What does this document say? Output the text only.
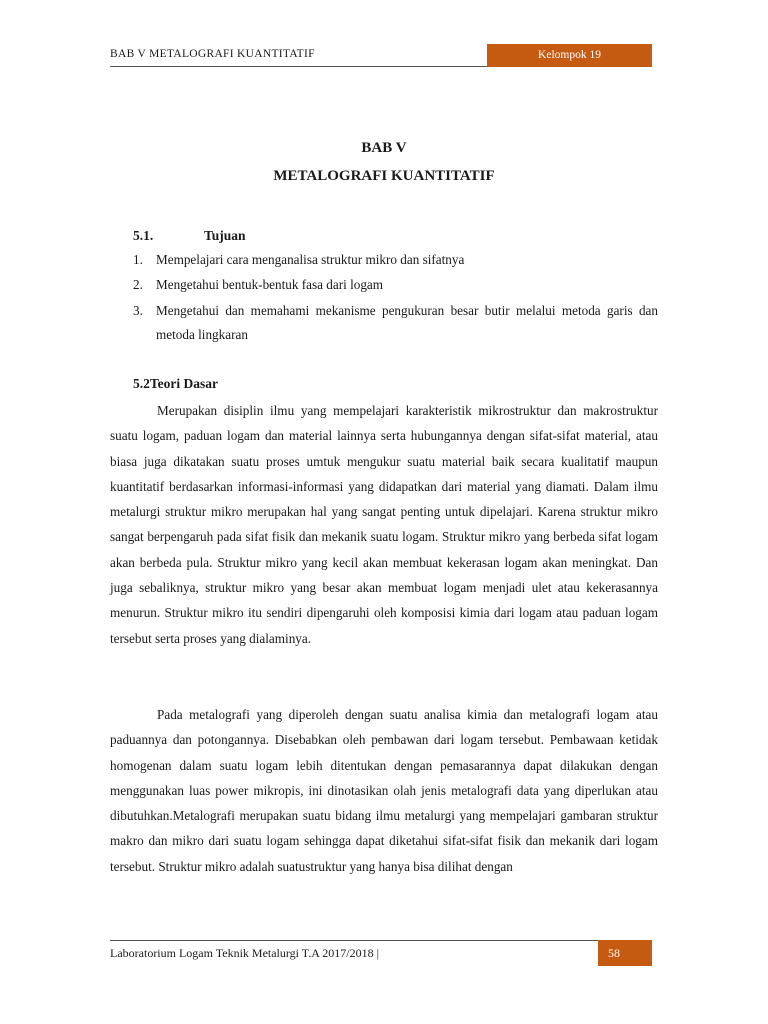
BAB V METALOGRAFI KUANTITATIF	Kelompok 19
BAB V
METALOGRAFI KUANTITATIF
5.1.	Tujuan
1. Mempelajari cara menganalisa struktur mikro dan sifatnya
2. Mengetahui bentuk-bentuk fasa dari logam
3. Mengetahui dan memahami mekanisme pengukuran besar butir melalui metoda garis dan metoda lingkaran
5.2Teori Dasar
Merupakan disiplin ilmu yang mempelajari karakteristik mikrostruktur dan makrostruktur suatu logam, paduan logam dan material lainnya serta hubungannya dengan sifat-sifat material, atau biasa juga dikatakan suatu proses umtuk mengukur suatu material baik secara kualitatif maupun kuantitatif berdasarkan informasi-informasi yang didapatkan dari material yang diamati. Dalam ilmu metalurgi struktur mikro merupakan hal yang sangat penting untuk dipelajari. Karena struktur mikro sangat berpengaruh pada sifat fisik dan mekanik suatu logam. Struktur mikro yang berbeda sifat logam akan berbeda pula. Struktur mikro yang kecil akan membuat kekerasan logam akan meningkat. Dan juga sebaliknya, struktur mikro yang besar akan membuat logam menjadi ulet atau kekerasannya menurun. Struktur mikro itu sendiri dipengaruhi oleh komposisi kimia dari logam atau paduan logam tersebut serta proses yang dialaminya.
Pada metalografi yang diperoleh dengan suatu analisa kimia dan metalografi logam atau paduannya dan potongannya. Disebabkan oleh pembawan dari logam tersebut. Pembawaan ketidak homogenan dalam suatu logam lebih ditentukan dengan pemasarannya dapat dilakukan dengan menggunakan luas power mikropis, ini dinotasikan olah jenis metalografi data yang diperlukan atau dibutuhkan.Metalografi merupakan suatu bidang ilmu metalurgi yang mempelajari gambaran struktur makro dan mikro dari suatu logam sehingga dapat diketahui sifat-sifat fisik dan mekanik dari logam tersebut. Struktur mikro adalah suatustruktur yang hanya bisa dilihat dengan
Laboratorium Logam Teknik Metalurgi T.A 2017/2018 |	58
